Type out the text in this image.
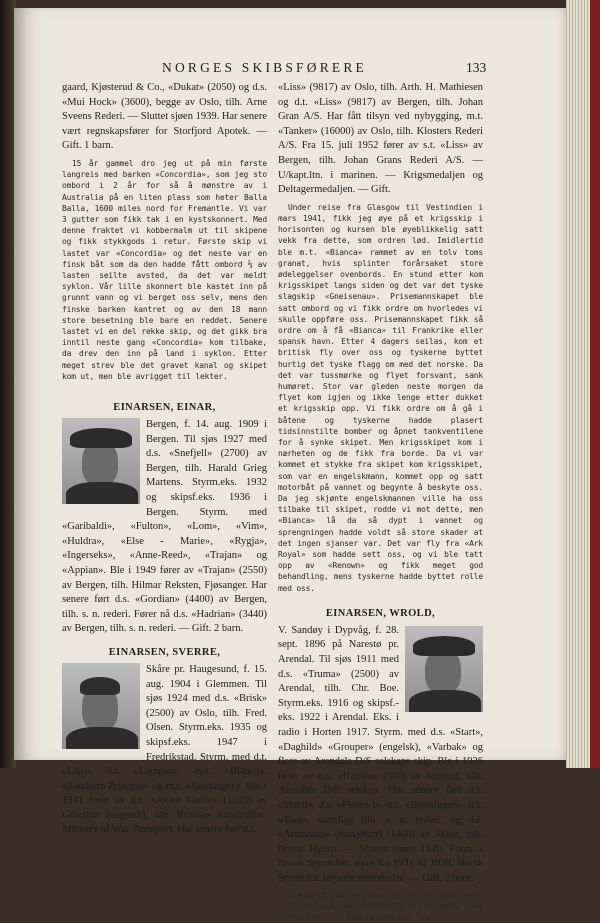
NORGES SKIBSFØRERE	133

gaard, Kjøsterud & Co., «Dukat» (2050) og d.s. «Mui Hock» (3600), begge av Oslo, tilh. Arne Sveens Rederi. — Sluttet sjøen 1939. Har senere vært regnskapsfører for Storfjord Apotek. — Gift. 1 barn.

15 år gammel dro jeg ut på min første langreis med barken «Concordia», som jeg sto ombord i 2 år for så å mønstre av i Australia på en liten plass som heter Balla Balla, 1600 miles nord for Fremantle. Vi var 3 gutter som fikk tak i en kystskonnert. Med denne fraktet vi kobbermalm ut til skipene og fikk stykkgods i retur. Første skip vi lastet var «Concordia» og det neste var en finsk båt som da den hadde fått ombord ⅔ av lasten seilte avsted, da det var meldt syklon. Vår lille skonnert ble kastet inn på grunnt vann og vi berget oss selv, mens den finske barken kantret og av den 18 mann store besetning ble bare en reddet. Senere lastet vi en del rekke skip, og det gikk bra inntil neste gang «Concordia» kom tilbake, da drev den inn på land i syklon. Etter meget strev ble det gravet kanal og skipet kom ut, men ble avrigget til lekter.

EINARSEN, EINAR,

Bergen, f. 14. aug. 1909 i Bergen. Til sjøs 1927 med d.s. «Snefjell» (2700) av Bergen, tilh. Harald Grieg Martens. Styrm.eks. 1932 og skipsf.eks. 1936 i Bergen. Styrm. med «Garibaldi», «Fulton», «Lom», «Vim», «Huldra», «Else - Marie», «Rygja», «Ingerseks», «Anne-Reed», «Trajan» og «Appian». Ble i 1949 fører av «Trajan» (2550) av Bergen, tilh. Hilmar Reksten, Fjøsanger. Har senere ført d.s. «Gordian» (4400) av Bergen, tilh. s. n. rederi. Fører nå d.s. «Hadrian» (3440) av Bergen, tilh. s. n. rederi. — Gift. 2 barn.

EINARSEN, SVERRE,

Skåre pr. Haugesund, f. 15. aug. 1904 i Glemmen. Til sjøs 1924 med d.s. «Brisk» (2500) av Oslo, tilh. Fred. Olsen. Styrm.eks. 1935 og skipsf.eks. 1947 i Fredrikstad. Styrm. med d.t. «Liss», d.t. «Lampas», m.t. «Bianca», «Southern Princess» og m.t. «Sandanger». Ble i 1941 fører av d.s. «Avant Garde» (1025) av Gibraltar (engelsk), tilh. Britiske Admiralitet, Ministry of War Transport. Har senere ført d.t.

«Liss» (9817) av Oslo, tilh. Arth. H. Mathiesen og d.t. «Liss» (9817) av Bergen, tilh. Johan Gran A/S. Har fått tilsyn ved nybygging, m.t. «Tanker» (16000) av Oslo, tilh. Klosters Rederi A/S. Fra 15. juli 1952 fører av s.t. «Liss» av Bergen, tilh. Johan Grans Rederi A/S. — U/kapt.ltn. i marinen. — Krigsmedaljen og Deltagermedaljen. — Gift.

Under reise fra Glasgow til Vestindien i mars 1941, fikk jeg øye på et krigsskip i horisonten og kursen ble øyeblikkelig satt vekk fra dette, som ordren lød. Imidlertid ble m.t. «Bianca» rammet av en tolv toms granat, hvis splinter forårsaket store ødeleggelser ovenbords. En stund etter kom krigsskipet langs siden og det var det tyske slagskip «Gneisenau». Prisemannskapet ble satt ombord og vi fikk ordre om hvorledes vi skulle oppføre oss. Prisemannskapet fikk så ordre om å få «Bianca» til Frankrike eller spansk havn. Etter 4 dagers seilas, kom et britisk fly over oss og tyskerne byttet hurtig det tyske flagg om med det norske. Da det var tussmørke og flyet forsvant, sank humøret. Stor var gleden neste morgen da flyet kom igjen og ikke lenge etter dukket et krigsskip opp. Vi fikk ordre om å gå i båtene og tyskerne hadde plasert tidsinnstilte bomber og åpnet tankventilene for å synke skipet. Men krigsskipet kom i nærheten og de fikk fra borde. Da vi var kommet et stykke fra skipet kom krigsskipet, som var en engelskmann, kommet opp og satt motorbåt på vannet og begynte å beskyte oss. Da jeg skjønte engelskmannen ville ha oss tilbake til skipet, rodde vi mot dette, men «Bianca» lå da så dypt i vannet og sprengningen hadde voldt så store skader at det ingen sjanser var. Det var fly fra «Ark Royal» som hadde sett oss, og vi ble tatt opp av «Renown» og fikk meget god behandling, mens tyskerne hadde byttet rolle med oss.

EINARSEN, WROLD,

V. Sandøy i Dypvåg, f. 28. sept. 1896 på Narestø pr. Arendal. Til sjøs 1911 med d.s. «Truma» (2500) av Arendal, tilh. Chr. Boe. Styrm.eks. 1916 og skipsf.-eks. 1922 i Arendal. Eks. i radio i Horten 1917. Styrm. med d.s. «Start», «Daghild» «Grouper» (engelsk), «Varbak» og flere av Arendals D/S selskaps skip. Ble i 1926 fører av d.s. «Halden» (500) av Arendal, tilh. Arendals D/S selskap. Har senere ført d.s. «Stabil», d.s. «Fløien I», d.s. «Bjørningen», d.s. «Tora», samtlige tilh. s. n. rederi, og d.s. «Ammania» (innsjøfart) (1400) av Skien, tilh. Norsk Hydro. — Sluttet sjøen 1949. Form. i Norsk Styrm.for. styre fra 1931 til 1938. Norsk Styrm.for. høyeste utmerkelse. — Gift. 2 barn.

I august 1942 skulle jeg med 15 mann reise til Finnland over Stockholm for å hente hjem et fartøy. For jeg reiste ble jeg
